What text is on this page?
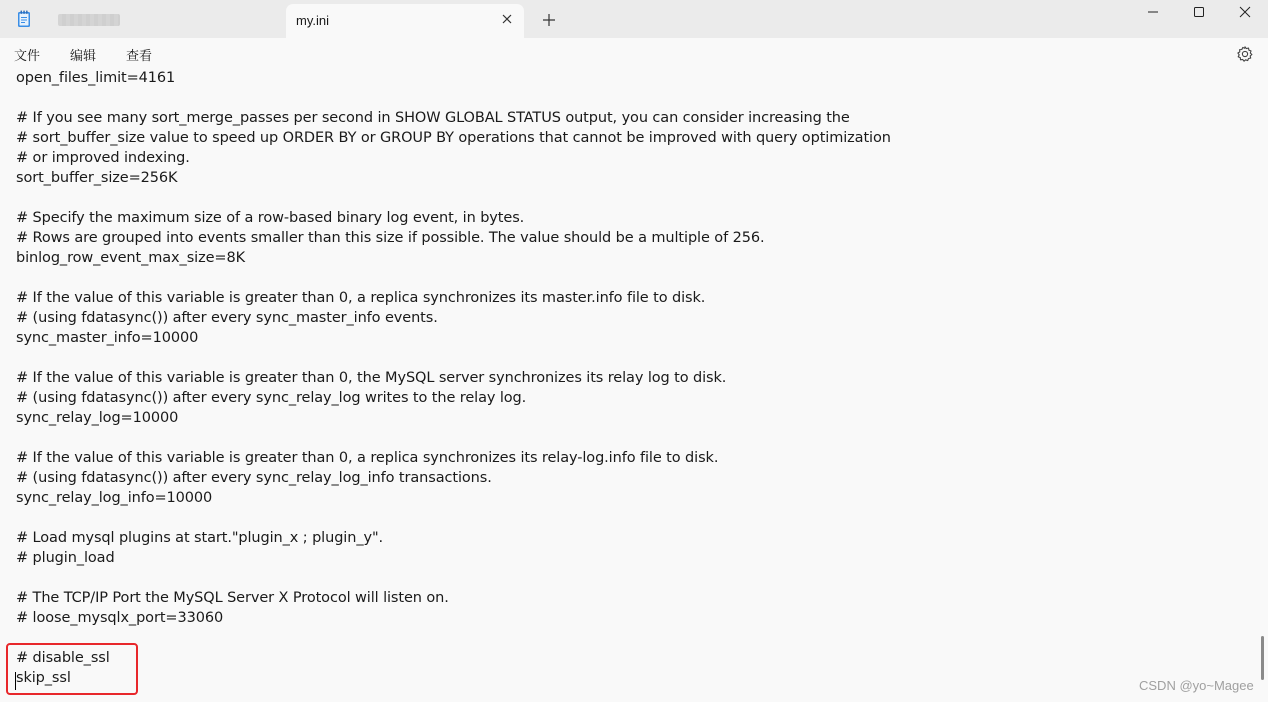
my.ini
文件 编辑 查看
open_files_limit=4161
# If you see many sort_merge_passes per second in SHOW GLOBAL STATUS output, you can consider increasing the
# sort_buffer_size value to speed up ORDER BY or GROUP BY operations that cannot be improved with query optimization
# or improved indexing.
sort_buffer_size=256K
# Specify the maximum size of a row-based binary log event, in bytes.
# Rows are grouped into events smaller than this size if possible. The value should be a multiple of 256.
binlog_row_event_max_size=8K
# If the value of this variable is greater than 0, a replica synchronizes its master.info file to disk.
# (using fdatasync()) after every sync_master_info events.
sync_master_info=10000
# If the value of this variable is greater than 0, the MySQL server synchronizes its relay log to disk.
# (using fdatasync()) after every sync_relay_log writes to the relay log.
sync_relay_log=10000
# If the value of this variable is greater than 0, a replica synchronizes its relay-log.info file to disk.
# (using fdatasync()) after every sync_relay_log_info transactions.
sync_relay_log_info=10000
# Load mysql plugins at start."plugin_x ; plugin_y".
# plugin_load
# The TCP/IP Port the MySQL Server X Protocol will listen on.
# loose_mysqlx_port=33060
# disable_ssl
skip_ssl	CSDN @yo~Magee
